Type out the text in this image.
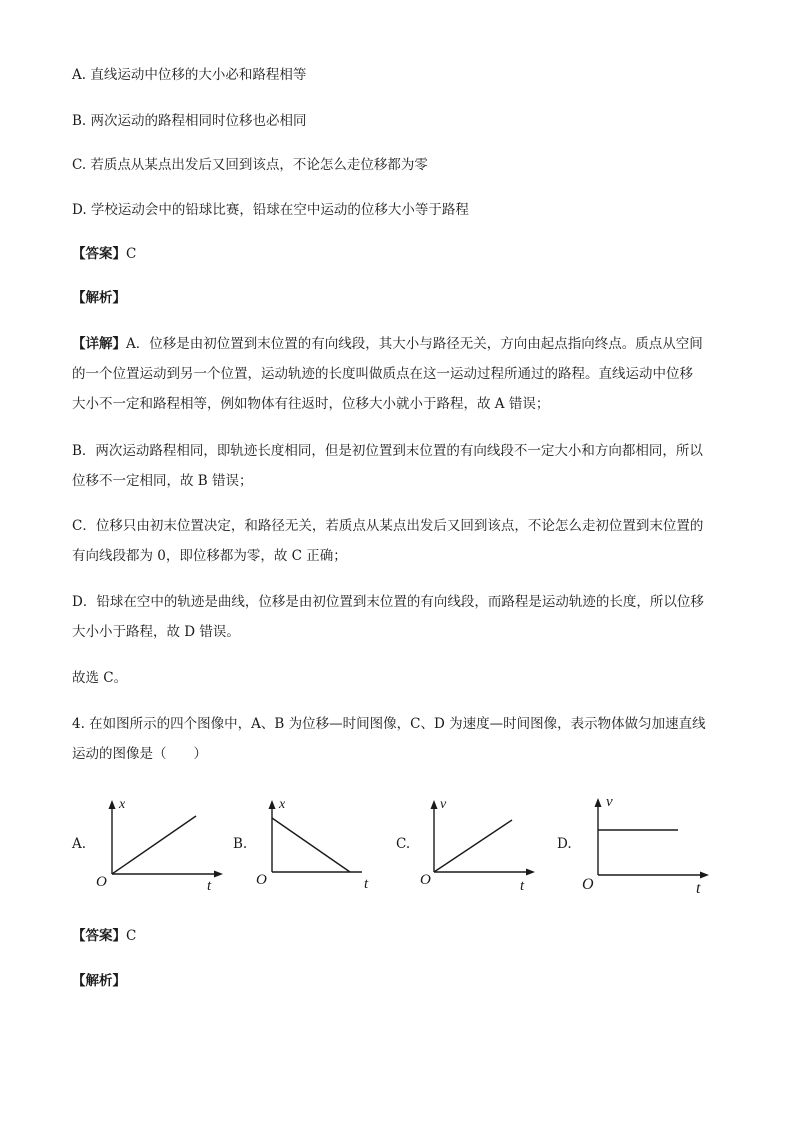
A. 直线运动中位移的大小必和路程相等
B. 两次运动的路程相同时位移也必相同
C. 若质点从某点出发后又回到该点，不论怎么走位移都为零
D. 学校运动会中的铅球比赛，铅球在空中运动的位移大小等于路程
【答案】C
【解析】
【详解】A．位移是由初位置到末位置的有向线段，其大小与路径无关，方向由起点指向终点。质点从空间
的一个位置运动到另一个位置，运动轨迹的长度叫做质点在这一运动过程所通过的路程。直线运动中位移
大小不一定和路程相等，例如物体有往返时，位移大小就小于路程，故 A 错误；
B．两次运动路程相同，即轨迹长度相同，但是初位置到末位置的有向线段不一定大小和方向都相同，所以
位移不一定相同，故 B 错误；
C．位移只由初末位置决定，和路径无关，若质点从某点出发后又回到该点，不论怎么走初位置到末位置的
有向线段都为 0，即位移都为零，故 C 正确；
D．铅球在空中的轨迹是曲线，位移是由初位置到末位置的有向线段，而路程是运动轨迹的长度，所以位移
大小小于路程，故 D 错误。
故选 C。
4. 在如图所示的四个图像中，A、B 为位移—时间图像，C、D 为速度—时间图像，表示物体做匀加速直线
运动的图像是（　　）
A.
x
t
O
B.
x
t
O
C.
v
t
O
D.
v
t
O
【答案】C
【解析】
